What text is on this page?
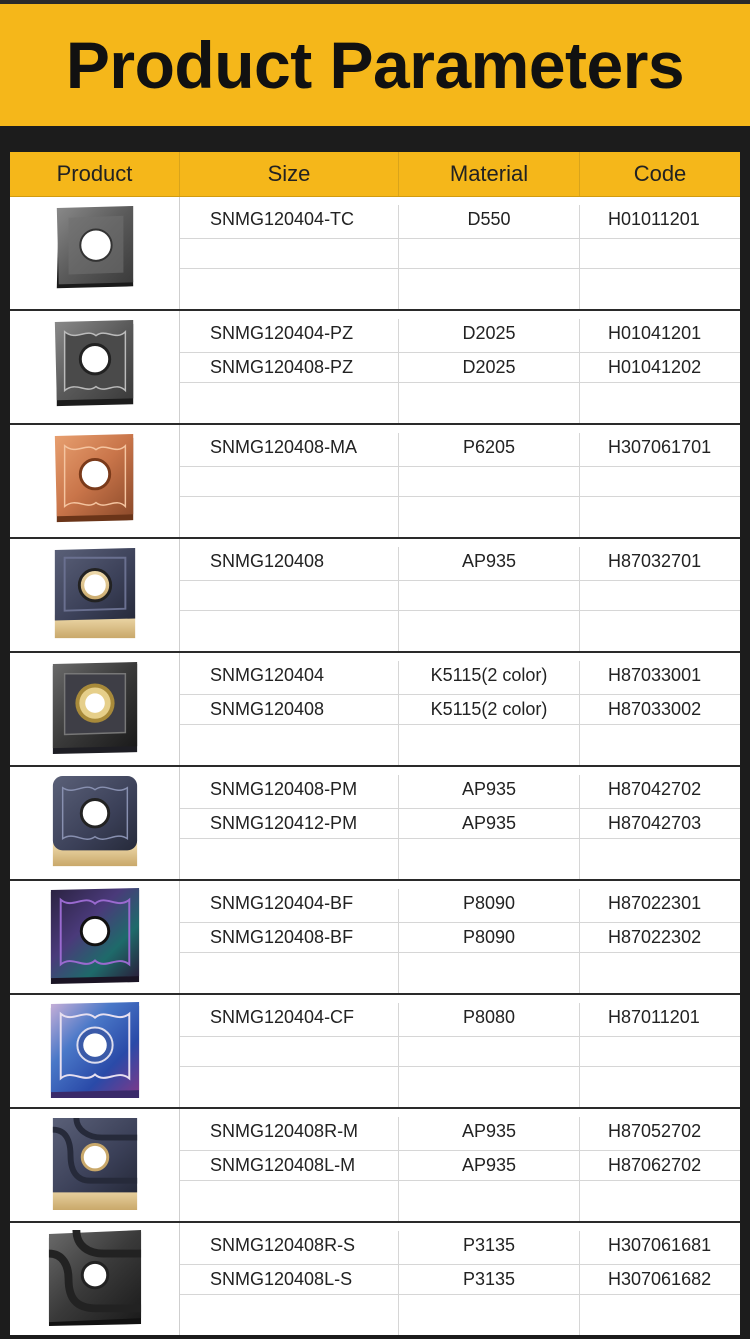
Product Parameters
Product	Size	Material	Code
SNMG120404-TC	D550	H01011201
SNMG120404-PZ	D2025	H01041201
SNMG120408-PZ	D2025	H01041202
SNMG120408-MA	P6205	H307061701
SNMG120408	AP935	H87032701
SNMG120404	K5115(2 color)	H87033001
SNMG120408	K5115(2 color)	H87033002
SNMG120408-PM	AP935	H87042702
SNMG120412-PM	AP935	H87042703
SNMG120404-BF	P8090	H87022301
SNMG120408-BF	P8090	H87022302
SNMG120404-CF	P8080	H87011201
SNMG120408R-M	AP935	H87052702
SNMG120408L-M	AP935	H87062702
SNMG120408R-S	P3135	H307061681
SNMG120408L-S	P3135	H307061682
